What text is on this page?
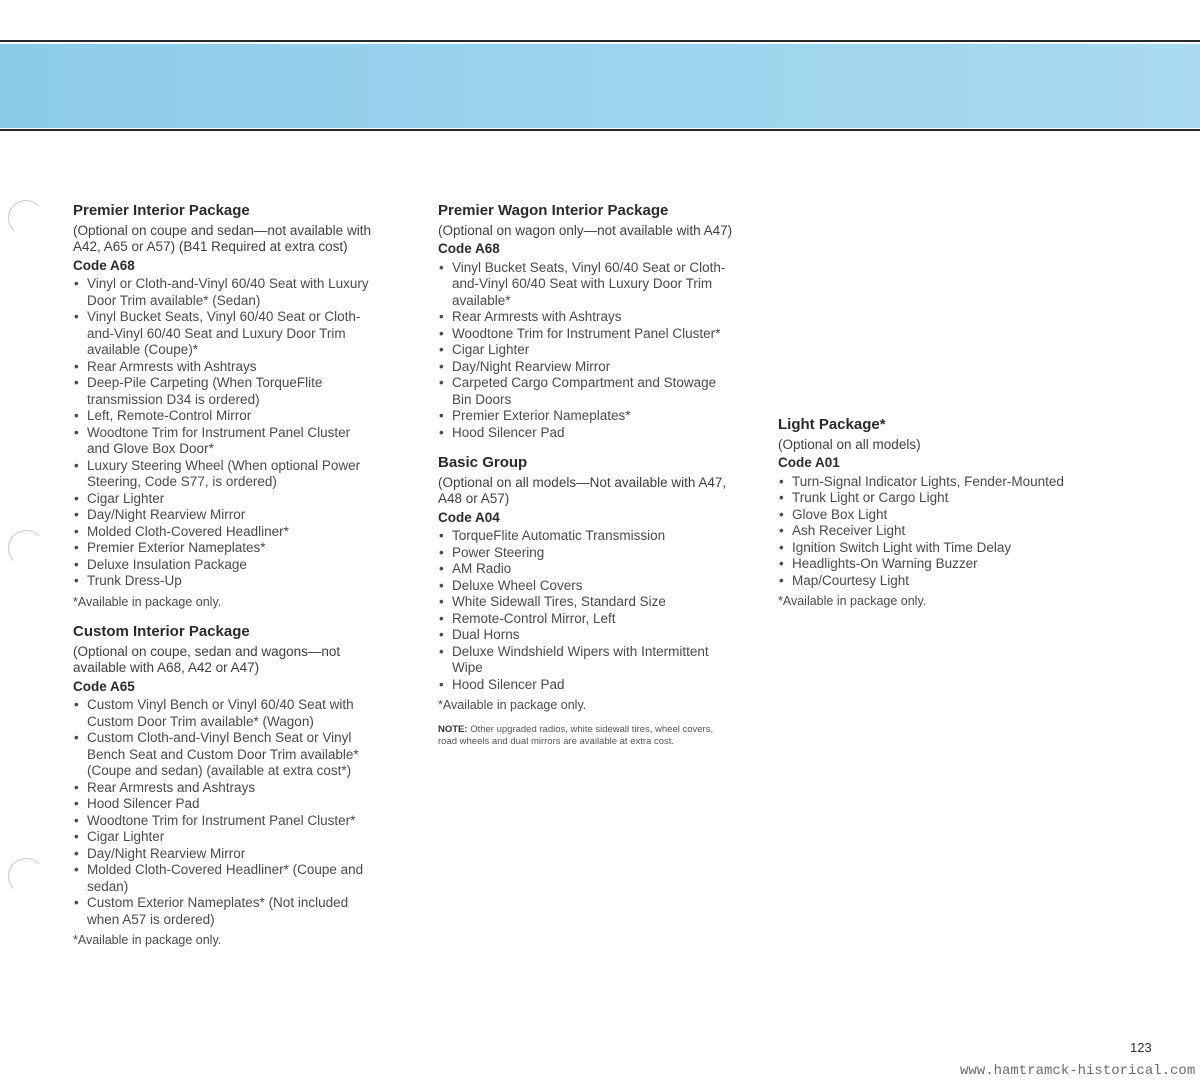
Premier Interior Package

(Optional on coupe and sedan—not available with A42, A65 or A57) (B41 Required at extra cost)

Code A68
• Vinyl or Cloth-and-Vinyl 60/40 Seat with Luxury Door Trim available* (Sedan)
• Vinyl Bucket Seats, Vinyl 60/40 Seat or Cloth-and-Vinyl 60/40 Seat and Luxury Door Trim available (Coupe)*
• Rear Armrests with Ashtrays
• Deep-Pile Carpeting (When TorqueFlite transmission D34 is ordered)
• Left, Remote-Control Mirror
• Woodtone Trim for Instrument Panel Cluster and Glove Box Door*
• Luxury Steering Wheel (When optional Power Steering, Code S77, is ordered)
• Cigar Lighter
• Day/Night Rearview Mirror
• Molded Cloth-Covered Headliner*
• Premier Exterior Nameplates*
• Deluxe Insulation Package
• Trunk Dress-Up

*Available in package only.

Custom Interior Package

(Optional on coupe, sedan and wagons—not available with A68, A42 or A47)

Code A65
• Custom Vinyl Bench or Vinyl 60/40 Seat with Custom Door Trim available* (Wagon)
• Custom Cloth-and-Vinyl Bench Seat or Vinyl Bench Seat and Custom Door Trim available* (Coupe and sedan) (available at extra cost*)
• Rear Armrests and Ashtrays
• Hood Silencer Pad
• Woodtone Trim for Instrument Panel Cluster*
• Cigar Lighter
• Day/Night Rearview Mirror
• Molded Cloth-Covered Headliner* (Coupe and sedan)
• Custom Exterior Nameplates* (Not included when A57 is ordered)

*Available in package only.

Premier Wagon Interior Package

(Optional on wagon only—not available with A47)

Code A68
• Vinyl Bucket Seats, Vinyl 60/40 Seat or Cloth-and-Vinyl 60/40 Seat with Luxury Door Trim available*
• Rear Armrests with Ashtrays
• Woodtone Trim for Instrument Panel Cluster*
• Cigar Lighter
• Day/Night Rearview Mirror
• Carpeted Cargo Compartment and Stowage Bin Doors
• Premier Exterior Nameplates*
• Hood Silencer Pad
Basic Group

(Optional on all models—Not available with A47, A48 or A57)

Code A04
• TorqueFlite Automatic Transmission
• Power Steering
• AM Radio
• Deluxe Wheel Covers
• White Sidewall Tires, Standard Size
• Remote-Control Mirror, Left
• Dual Horns
• Deluxe Windshield Wipers with Intermittent Wipe
• Hood Silencer Pad

*Available in package only.

NOTE: Other upgraded radios, white sidewall tires, wheel covers, road wheels and dual mirrors are available at extra cost.
Light Package*

(Optional on all models)

Code A01
• Turn-Signal Indicator Lights, Fender-Mounted
• Trunk Light or Cargo Light
• Glove Box Light
• Ash Receiver Light
• Ignition Switch Light with Time Delay
• Headlights-On Warning Buzzer
• Map/Courtesy Light

*Available in package only.

123
www.hamtramck-historical.com
